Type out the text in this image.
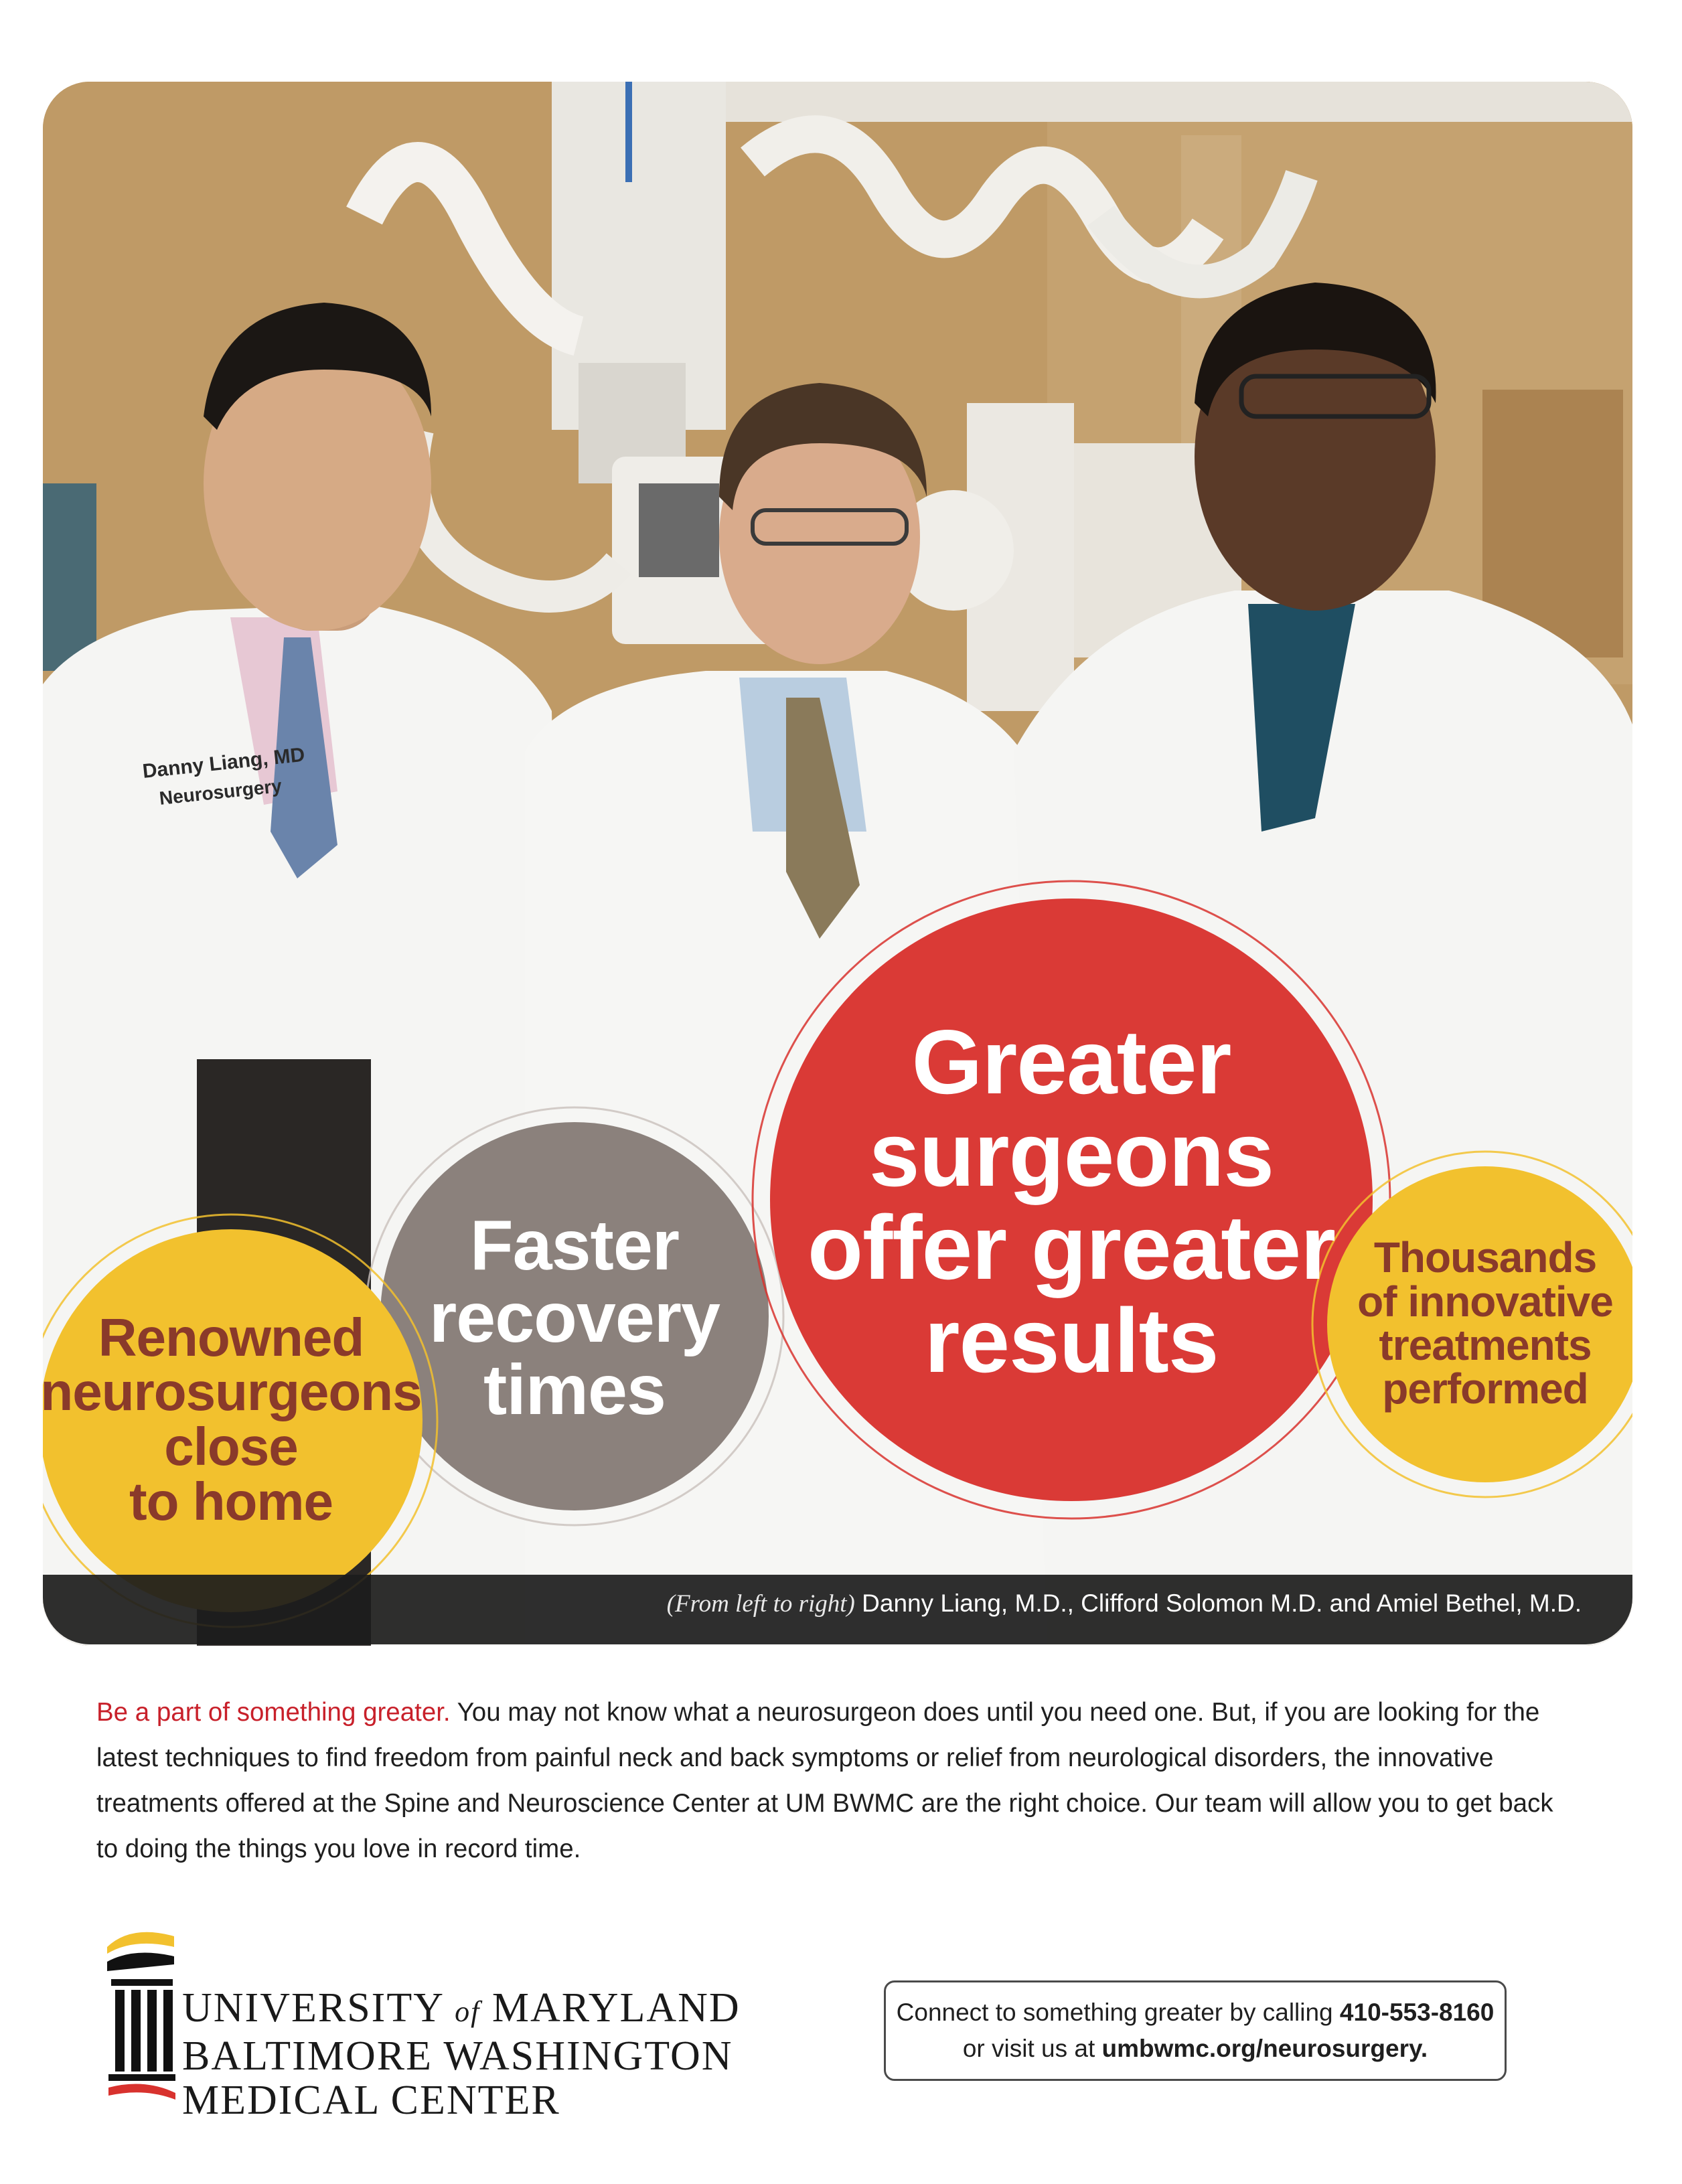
Danny Liang, MD
Neurosurgery
Renowned
neurosurgeons
close
to home
Faster
recovery
times
Greater
surgeons
offer greater
results
Thousands
of innovative
treatments
performed
(From left to right) Danny Liang, M.D., Clifford Solomon M.D. and Amiel Bethel, M.D.
Be a part of something greater. You may not know what a neurosurgeon does until you need one. But, if you are looking for the latest techniques to find freedom from painful neck and back symptoms or relief from neurological disorders, the innovative treatments offered at the Spine and Neuroscience Center at UM BWMC are the right choice. Our team will allow you to get back to doing the things you love in record time.
UNIVERSITY of MARYLAND
BALTIMORE WASHINGTON
MEDICAL CENTER
Connect to something greater by calling 410-553-8160
or visit us at umbwmc.org/neurosurgery.
